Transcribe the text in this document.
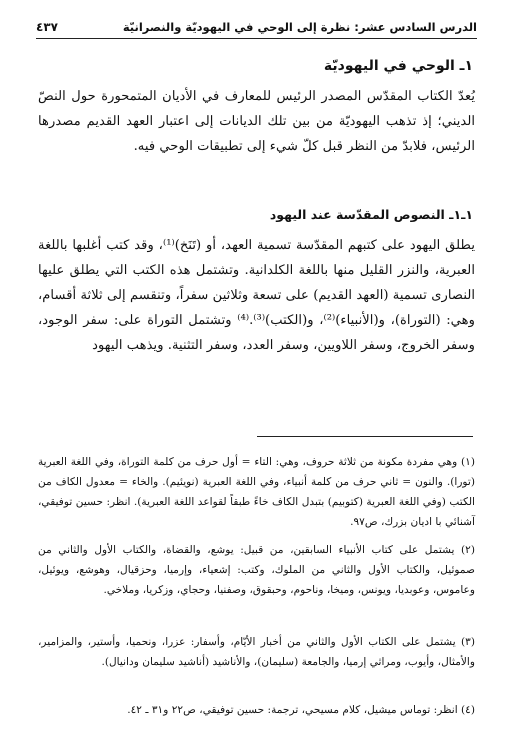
الدرس السادس عشر: نظرة إلى الوحي في اليهوديّة والنصرانيّة
٤٣٧
١ـ الوحي في اليهوديّة
يُعدّ الكتاب المقدّس المصدر الرئيس للمعارف في الأديان المتمحورة حول النصّ الديني؛ إذ تذهب اليهوديّة من بين تلك الديانات إلى اعتبار العهد القديم مصدرها الرئيس، فلابدّ من النظر قبل كلّ شيء إلى تطبيقات الوحي فيه.
١ـ١ـ النصوص المقدّسة عند اليهود
يطلق اليهود على كتبهم المقدّسة تسمية العهد، أو (تَنَخ)⁽¹⁾، وقد كتب أغلبها باللغة العبرية، والنزر القليل منها باللغة الكلدانية. وتشتمل هذه الكتب التي يطلق عليها النصارى تسمية (العهد القديم) على تسعة وثلاثين سفراً، وتنقسم إلى ثلاثة أقسام، وهي: (التوراة)، و(الأنبياء)⁽²⁾، و(الكتب)⁽³⁾.⁽⁴⁾ وتشتمل التوراة على: سفر الوجود، وسفر الخروج، وسفر اللاويين، وسفر العدد، وسفر التثنية. ويذهب اليهود
(١) وهي مفردة مكونة من ثلاثة حروف، وهي: التاء = أول حرف من كلمة التوراة، وفي اللغة العبرية (تورا). والنون = ثاني حرف من كلمة أنبياء، وفي اللغة العبرية (نويئيم). والخاء = معدول الكاف من الكتب (وفي اللغة العبرية (كتوبيم) بتبدل الكاف خاءً طبقاً لقواعد اللغة العبرية). انظر: حسين توفيقي، آشنائي با اديان بزرك، ص٩٧.
(٢) يشتمل على كتاب الأنبياء السابقين، من قبيل: يوشع، والقضاة، والكتاب الأول والثاني من صموئيل، والكتاب الأول والثاني من الملوك، وكتب: إشعياء، وإرميا، وحزقيال، وهوشع، ويوئيل، وعاموس، وعوبديا، ويونس، وميخا، وناحوم، وحبقوق، وصفنيا، وحجاي، وزكريا، وملاخي.
(٣) يشتمل على الكتاب الأول والثاني من أخبار الأيّام، وأسفار: عزرا، ونحميا، وأستير، والمزامير، والأمثال، وأيوب، ومراثي إرميا، والجامعة (سليمان)، والأناشيد (أناشيد سليمان ودانيال).
(٤) انظر: توماس ميشيل، كلام مسيحي، ترجمة: حسين توفيقي، ص٢٢ و٣١ ـ ٤٢.
